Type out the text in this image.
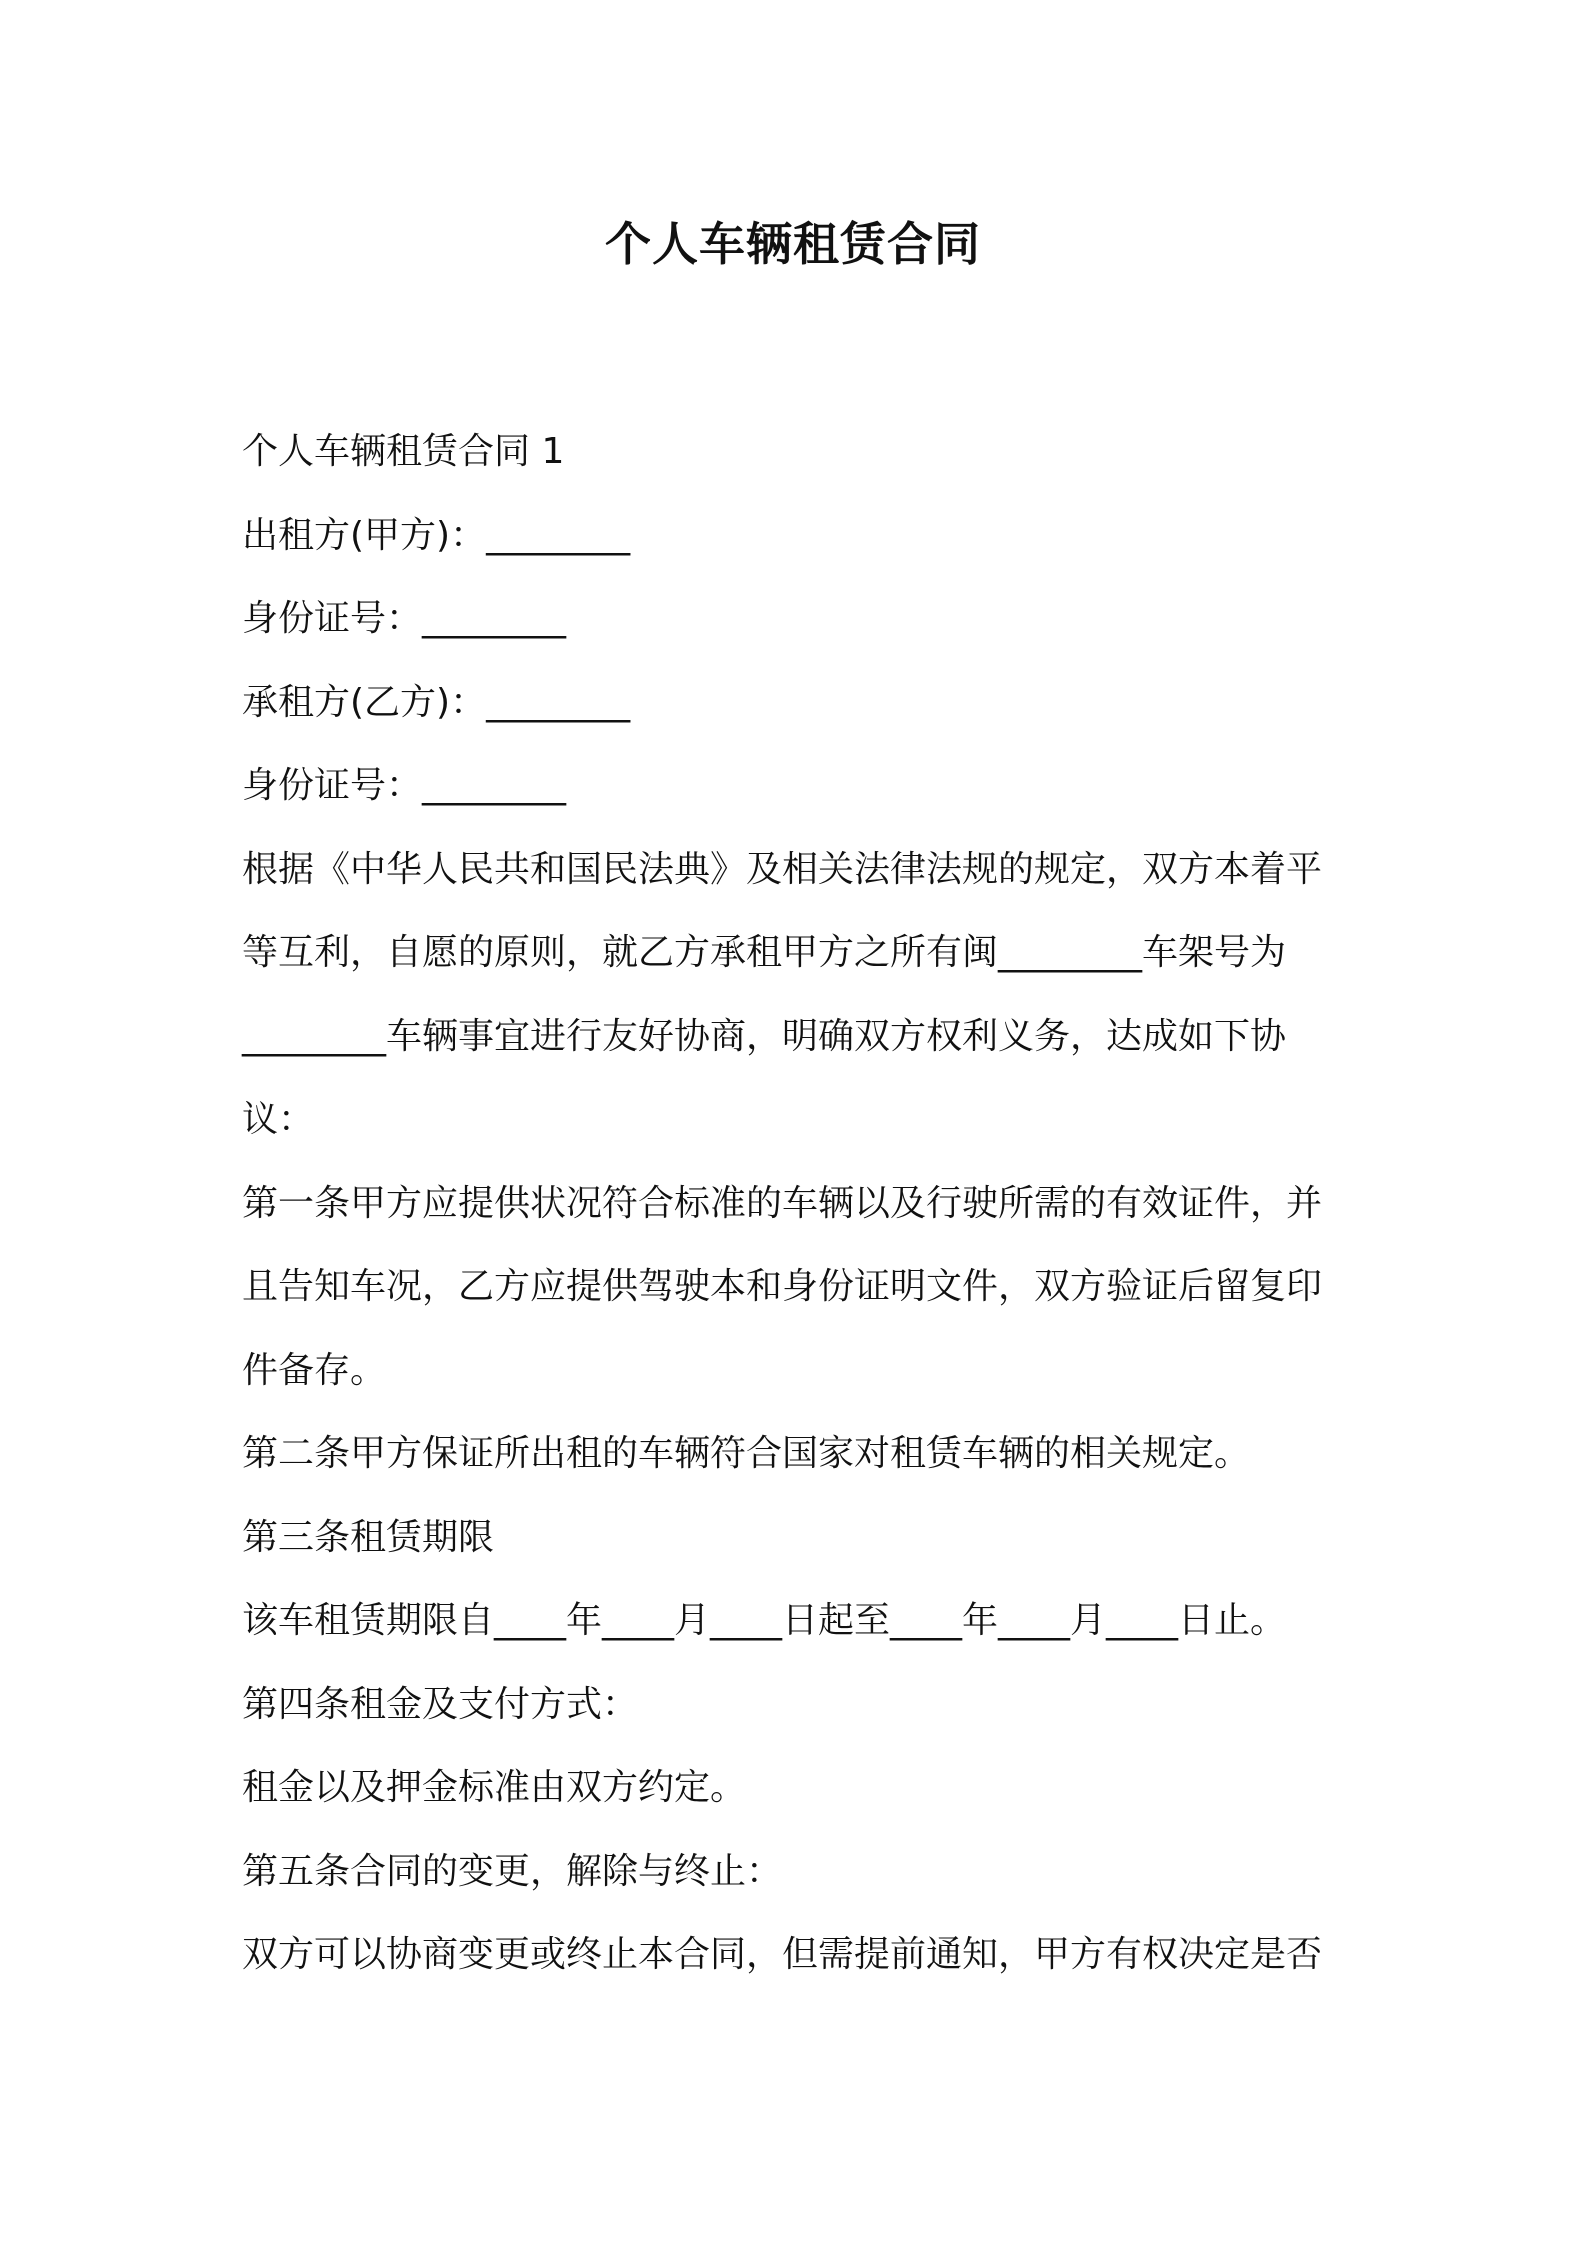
个人车辆租赁合同

个人车辆租赁合同 1

出租方(甲方)：________

身份证号：________

承租方(乙方)：________

身份证号：________

根据《中华人民共和国民法典》及相关法律法规的规定，双方本着平

等互利，自愿的原则，就乙方承租甲方之所有闽________车架号为

________车辆事宜进行友好协商，明确双方权利义务，达成如下协

议：

第一条甲方应提供状况符合标准的车辆以及行驶所需的有效证件，并

且告知车况，乙方应提供驾驶本和身份证明文件，双方验证后留复印

件备存。

第二条甲方保证所出租的车辆符合国家对租赁车辆的相关规定。

第三条租赁期限

该车租赁期限自____年____月____日起至____年____月____日止。

第四条租金及支付方式：

租金以及押金标准由双方约定。

第五条合同的变更，解除与终止：

双方可以协商变更或终止本合同，但需提前通知，甲方有权决定是否
